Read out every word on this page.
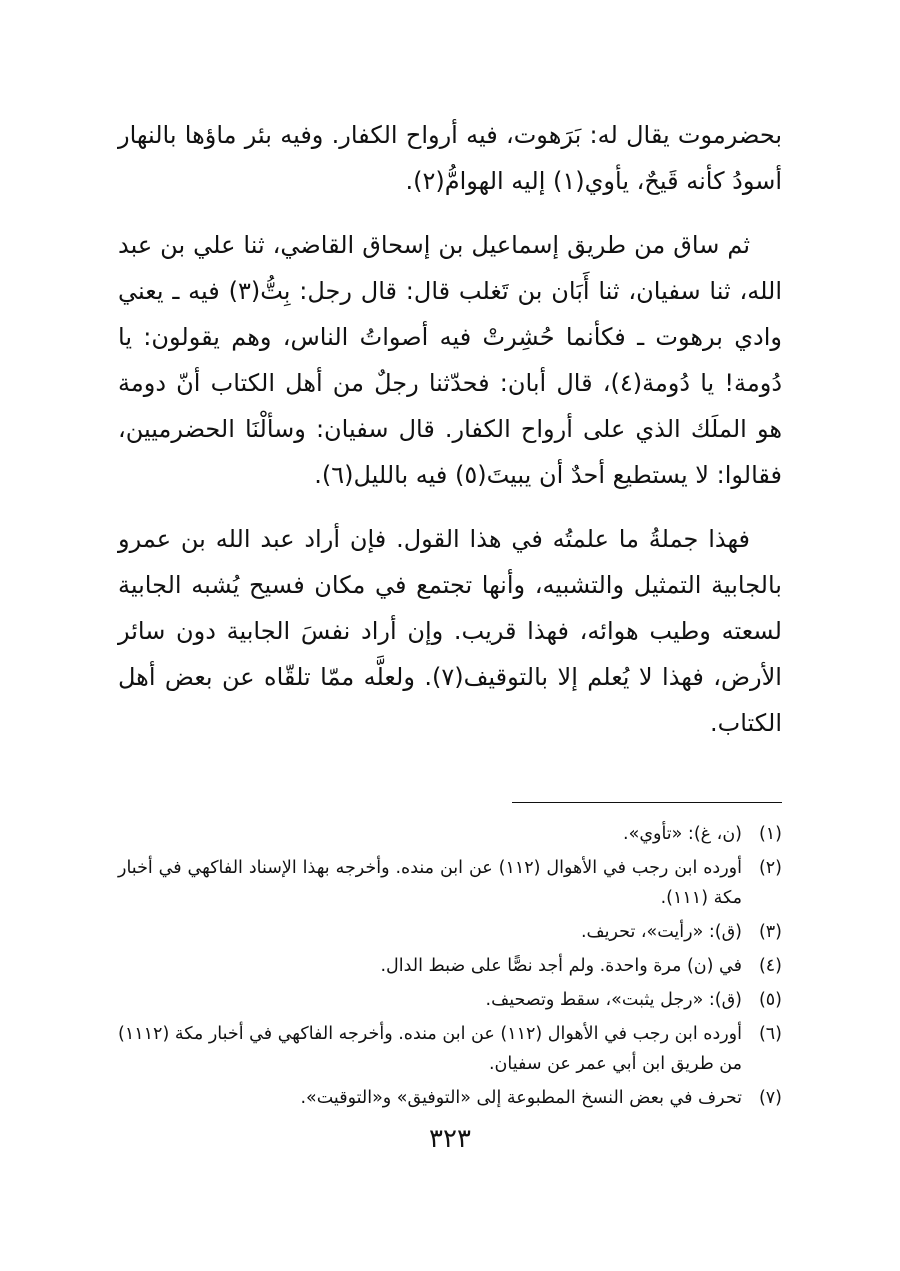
بحضرموت يقال له: بَرَهوت، فيه أرواح الكفار. وفيه بئر ماؤها بالنهار أسودُ كأنه قَيحٌ، يأوي(١) إليه الهوامُّ(٢).

ثم ساق من طريق إسماعيل بن إسحاق القاضي، ثنا علي بن عبد الله، ثنا سفيان، ثنا أَبَان بن تَغلب قال: قال رجل: بِتُّ(٣) فيه ـ يعني وادي برهوت ـ فكأنما حُشِرتْ فيه أصواتُ الناس، وهم يقولون: يا دُومة! يا دُومة(٤)، قال أبان: فحدّثنا رجلٌ من أهل الكتاب أنّ دومة هو الملَك الذي على أرواح الكفار. قال سفيان: وسألْنَا الحضرميين، فقالوا: لا يستطيع أحدٌ أن يبيتَ(٥) فيه بالليل(٦).

فهذا جملةُ ما علمتُه في هذا القول. فإن أراد عبد الله بن عمرو بالجابية التمثيل والتشبيه، وأنها تجتمع في مكان فسيح يُشبه الجابية لسعته وطيب هوائه، فهذا قريب. وإن أراد نفسَ الجابية دون سائر الأرض، فهذا لا يُعلم إلا بالتوقيف(٧). ولعلَّه ممّا تلقّاه عن بعض أهل الكتاب.

(١)
(ن، غ): «تأوي».
(٢)
أورده ابن رجب في الأهوال (١١٢) عن ابن منده. وأخرجه بهذا الإسناد الفاكهي في أخبار مكة (١١١).
(٣)
(ق): «رأيت»، تحريف.
(٤)
في (ن) مرة واحدة. ولم أجد نصًّا على ضبط الدال.
(٥)
(ق): «رجل يثبت»، سقط وتصحيف.
(٦)
أورده ابن رجب في الأهوال (١١٢) عن ابن منده. وأخرجه الفاكهي في أخبار مكة (١١١٢) من طريق ابن أبي عمر عن سفيان.
(٧)
تحرف في بعض النسخ المطبوعة إلى «التوفيق» و«التوقيت».
٣٢٣
